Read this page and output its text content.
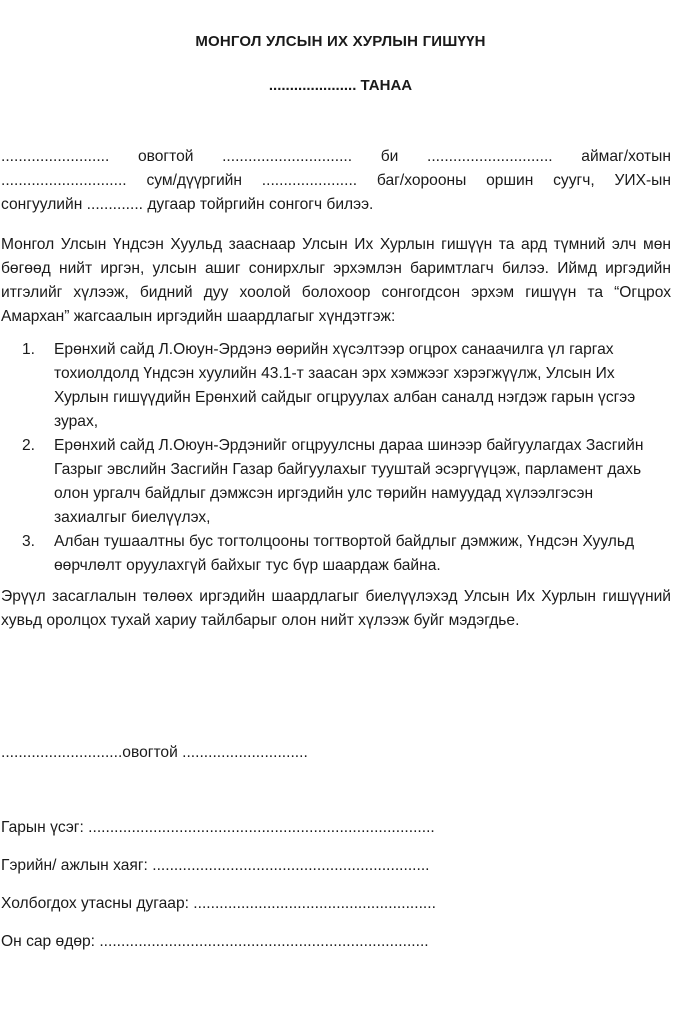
МОНГОЛ УЛСЫН ИХ ХУРЛЫН ГИШҮҮН
..................... ТАНАА

......................... овогтой .............................. би ............................. аймаг/хотын
............................. сум/дүүргийн ...................... баг/хорооны оршин суугч, УИХ-ын
сонгуулийн ............. дугаар тойргийн сонгогч билээ.

Монгол Улсын Үндсэн Хуульд зааснаар Улсын Их Хурлын гишүүн та ард түмний элч мөн бөгөөд нийт иргэн, улсын ашиг сонирхлыг эрхэмлэн баримтлагч билээ. Иймд иргэдийн итгэлийг хүлээж, бидний дуу хоолой болохоор сонгогдсон эрхэм гишүүн та “Огцрох Амархан” жагсаалын иргэдийн шаардлагыг хүндэтгэж:

1. Ерөнхий сайд Л.Оюун-Эрдэнэ өөрийн хүсэлтээр огцрох санаачилга үл гаргах тохиолдолд Үндсэн хуулийн 43.1-т заасан эрх хэмжээг хэрэгжүүлж, Улсын Их Хурлын гишүүдийн Ерөнхий сайдыг огцруулах албан саналд нэгдэж гарын үсгээ зурах,
2. Ерөнхий сайд Л.Оюун-Эрдэнийг огцруулсны дараа шинээр байгуулагдах Засгийн Газрыг эвслийн Засгийн Газар байгуулахыг тууштай эсэргүүцэж, парламент дахь олон ургалч байдлыг дэмжсэн иргэдийн улс төрийн намуудад хүлээлгэсэн захиалгыг биелүүлэх,
3. Албан тушаалтны бус тогтолцооны тогтвортой байдлыг дэмжиж, Үндсэн Хуульд өөрчлөлт оруулахгүй байхыг тус бүр шаардаж байна.

Эрүүл засаглалын төлөөх иргэдийн шаардлагыг биелүүлэхэд Улсын Их Хурлын гишүүний хувьд оролцох тухай хариу тайлбарыг олон нийт хүлээж буйг мэдэгдье.

............................овогтой .............................

Гарын үсэг: ................................................................................

Гэрийн/ ажлын хаяг: ................................................................

Холбогдох утасны дугаар: ........................................................

Он сар өдөр: ............................................................................
